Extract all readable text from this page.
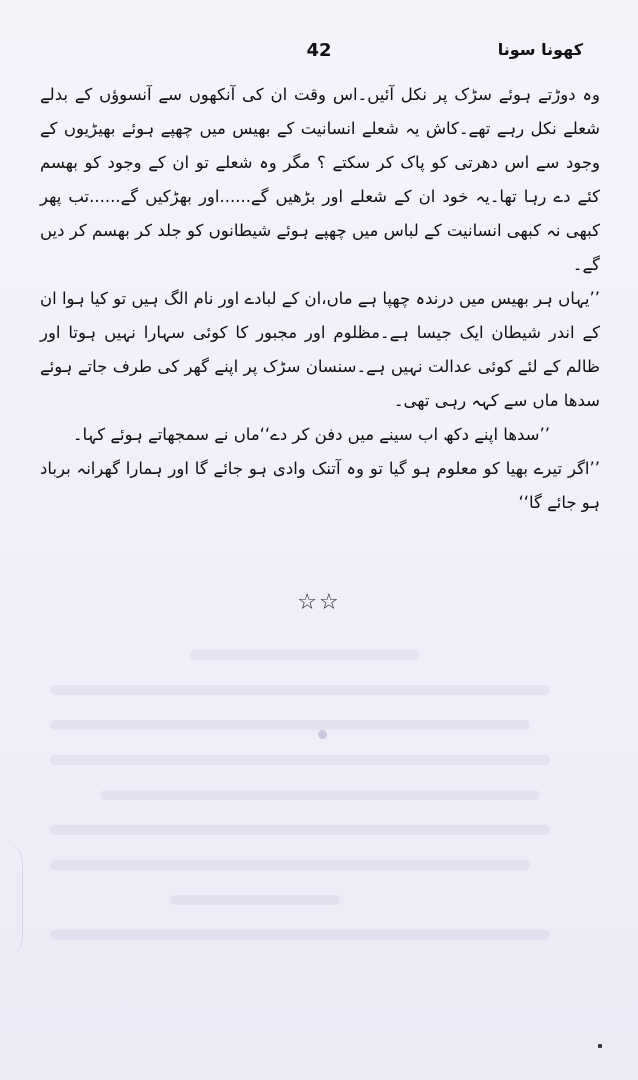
42	کھونا سونا

وہ دوڑتے ہوئے سڑک پر نکل آئیں۔اس وقت ان کی آنکھوں سے آنسوؤں کے بدلے شعلے نکل رہے تھے۔کاش یہ شعلے انسانیت کے بھیس میں چھپے ہوئے بھیڑیوں کے وجود سے اس دھرتی کو پاک کر سکتے ؟ مگر وہ شعلے تو ان کے وجود کو بھسم کئے دے رہا تھا۔یہ خود ان کے شعلے اور بڑھیں گے......اور بھڑکیں گے......تب پھر کبھی نہ کبھی انسانیت کے لباس میں چھپے ہوئے شیطانوں کو جلد کر بھسم کر دیں گے۔

’’یہاں ہر بھیس میں درندہ چھپا ہے ماں،ان کے لبادے اور نام الگ ہیں تو کیا ہوا ان کے اندر شیطان ایک جیسا ہے۔مظلوم اور مجبور کا کوئی سہارا نہیں ہوتا اور ظالم کے لئے کوئی عدالت نہیں ہے۔سنسان سڑک پر اپنے گھر کی طرف جاتے ہوئے سدھا ماں سے کہہ رہی تھی۔

’’سدھا اپنے دکھ اب سینے میں دفن کر دے‘‘ماں نے سمجھاتے ہوئے کہا۔

’’اگر تیرے بھیا کو معلوم ہو گیا تو وہ آتنک وادی ہو جائے گا اور ہمارا گھرانہ برباد ہو جائے گا‘‘

☆☆
